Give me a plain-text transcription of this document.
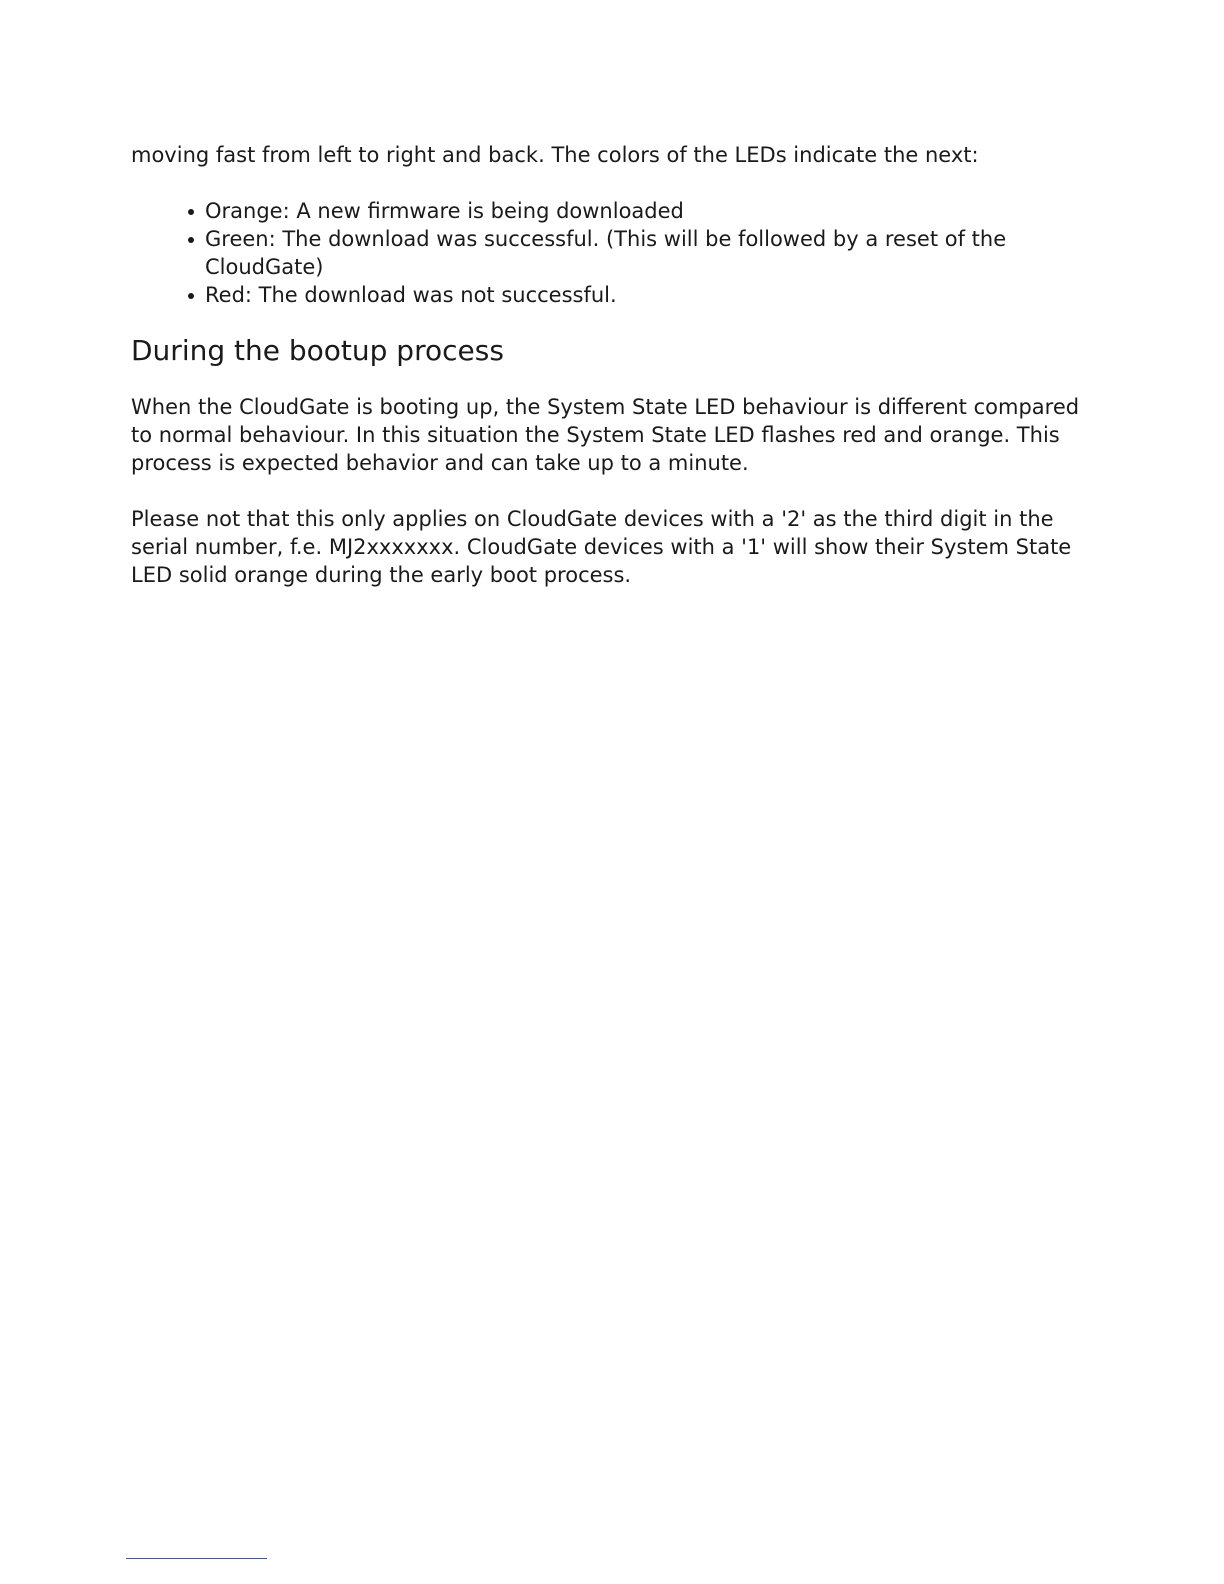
moving fast from left to right and back. The colors of the LEDs indicate the next:

Orange: A new firmware is being downloaded
Green: The download was successful. (This will be followed by a reset of the CloudGate)
Red: The download was not successful.
During the bootup process

When the CloudGate is booting up, the System State LED behaviour is different compared to normal behaviour. In this situation the System State LED flashes red and orange. This process is expected behavior and can take up to a minute.

Please not that this only applies on CloudGate devices with a '2' as the third digit in the serial number, f.e. MJ2xxxxxxx. CloudGate devices with a '1' will show their System State LED solid orange during the early boot process.
